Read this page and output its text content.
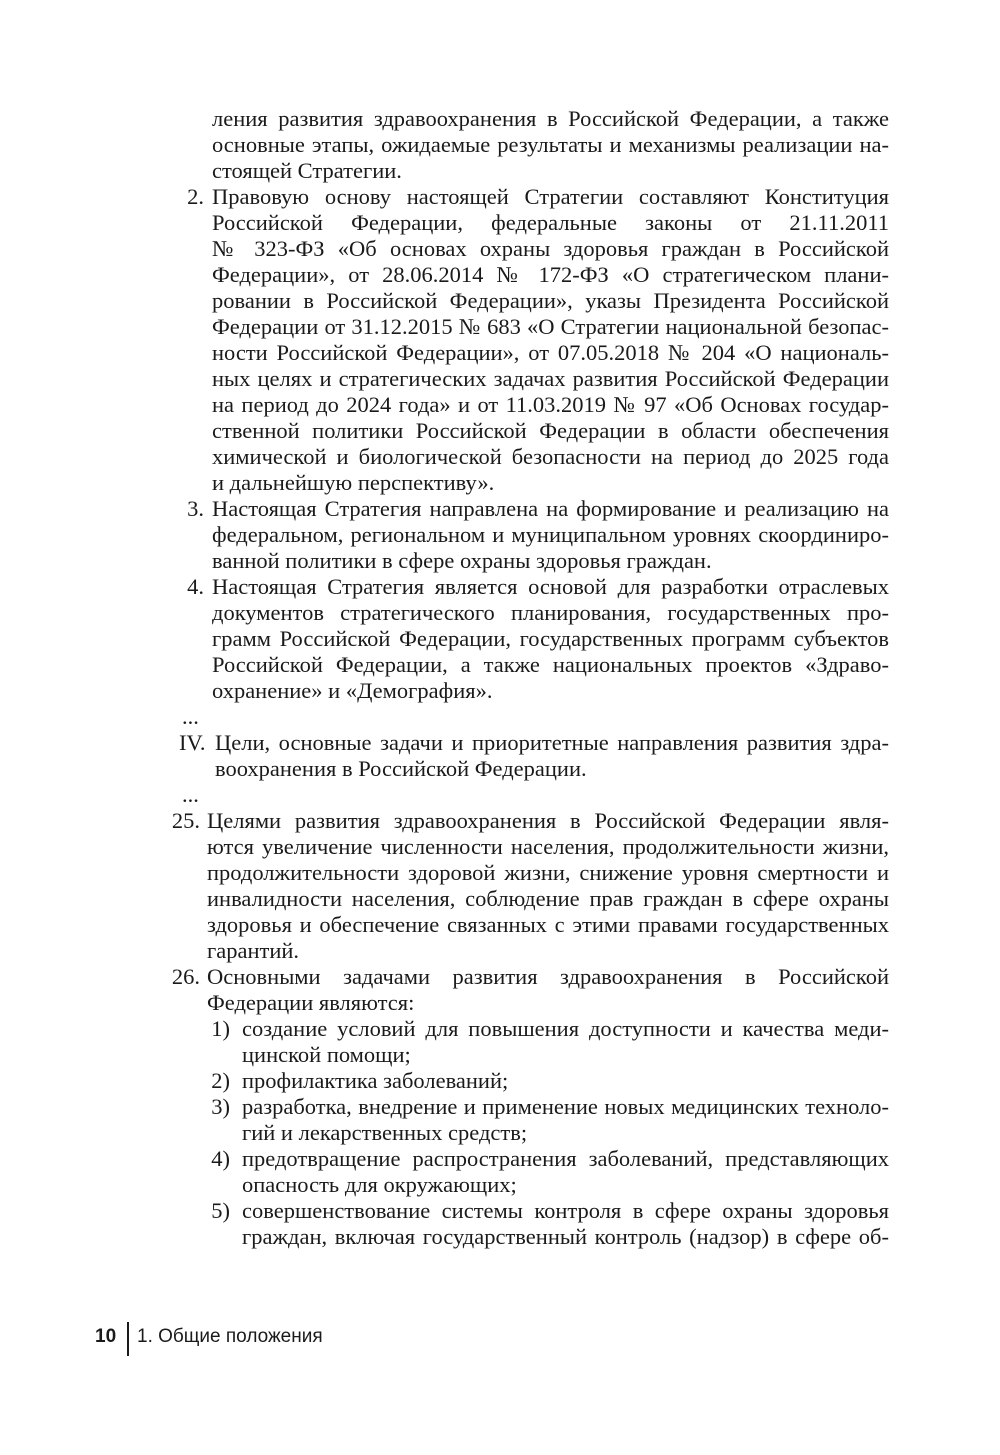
ления развития здравоохранения в Российской Федерации, а также
основные этапы, ожидаемые результаты и механизмы реализации на-
стоящей Стратегии.
2. Правовую основу настоящей Стратегии составляют Конституция
Российской Федерации, федеральные законы от 21.11.2011
№ 323-ФЗ «Об основах охраны здоровья граждан в Российской
Федерации», от 28.06.2014 № 172-ФЗ «О стратегическом плани-
ровании в Российской Федерации», указы Президента Российской
Федерации от 31.12.2015 № 683 «О Стратегии национальной безопас-
ности Российской Федерации», от 07.05.2018 № 204 «О националь-
ных целях и стратегических задачах развития Российской Федерации
на период до 2024 года» и от 11.03.2019 № 97 «Об Основах государ-
ственной политики Российской Федерации в области обеспечения
химической и биологической безопасности на период до 2025 года
и дальнейшую перспективу».
3. Настоящая Стратегия направлена на формирование и реализацию на
федеральном, региональном и муниципальном уровнях скоординиро-
ванной политики в сфере охраны здоровья граждан.
4. Настоящая Стратегия является основой для разработки отраслевых
документов стратегического планирования, государственных про-
грамм Российской Федерации, государственных программ субъектов
Российской Федерации, а также национальных проектов «Здраво-
охранение» и «Демография».
...
IV. Цели, основные задачи и приоритетные направления развития здра-
воохранения в Российской Федерации.
...
25. Целями развития здравоохранения в Российской Федерации явля-
ются увеличение численности населения, продолжительности жизни,
продолжительности здоровой жизни, снижение уровня смертности и
инвалидности населения, соблюдение прав граждан в сфере охраны
здоровья и обеспечение связанных с этими правами государственных
гарантий.
26. Основными задачами развития здравоохранения в Российской
Федерации являются:
1) создание условий для повышения доступности и качества меди-
цинской помощи;
2) профилактика заболеваний;
3) разработка, внедрение и применение новых медицинских техноло-
гий и лекарственных средств;
4) предотвращение распространения заболеваний, представляющих
опасность для окружающих;
5) совершенствование системы контроля в сфере охраны здоровья
граждан, включая государственный контроль (надзор) в сфере об-
10 1. Общие положения
